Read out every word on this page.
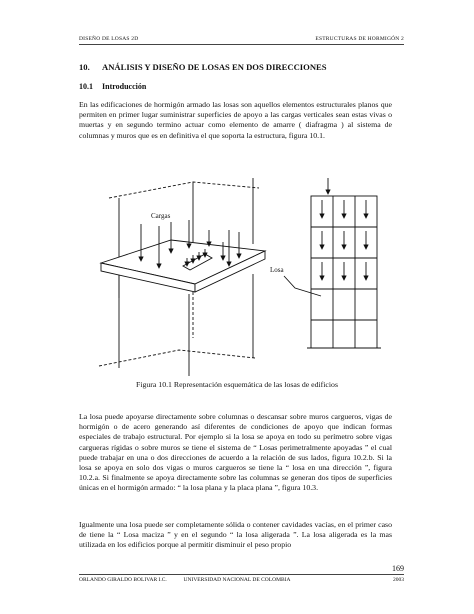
DISEÑO DE LOSAS 2D	ESTRUCTURAS DE HORMIGÓN 2
10. ANÁLISIS Y DISEÑO DE LOSAS EN DOS DIRECCIONES
10.1 Introducción
En las edificaciones de hormigón armado las losas son aquellos elementos estructurales planos que permiten en primer lugar suministrar superficies de apoyo a las cargas verticales sean estas vivas o muertas y en segundo termino actuar como elemento de amarre ( diafragma ) al sistema de columnas y muros que es en definitiva el que soporta la estructura, figura 10.1.
Cargas
Losa
Figura 10.1 Representación esquemática de las losas de edificios
La losa puede apoyarse directamente sobre columnas o descansar sobre muros cargueros, vigas de hormigón o de acero generando así diferentes de condiciones de apoyo que indican formas especiales de trabajo estructural. Por ejemplo si la losa se apoya en todo su perímetro sobre vigas cargueras rígidas o sobre muros se tiene el sistema de “ Losas perimetralmente apoyadas ” el cual puede trabajar en una o dos direcciones de acuerdo a la relación de sus lados, figura 10.2.b. Si la losa se apoya en solo dos vigas o muros cargueros se tiene la “ losa en una dirección ”, figura 10.2.a. Si finalmente se apoya directamente sobre las columnas se generan dos tipos de superficies únicas en el hormigón armado: “ la losa plana y la placa plana ”, figura 10.3.
Igualmente una losa puede ser completamente sólida o contener cavidades vacías, en el primer caso de tiene la “ Losa maciza ” y en el segundo “ la losa aligerada ”. La losa aligerada es la mas utilizada en los edificios porque al permitir disminuir el peso propio
169
ORLANDO GIRALDO BOLIVAR I.C.	UNIVERSIDAD NACIONAL DE COLOMBIA	2003
